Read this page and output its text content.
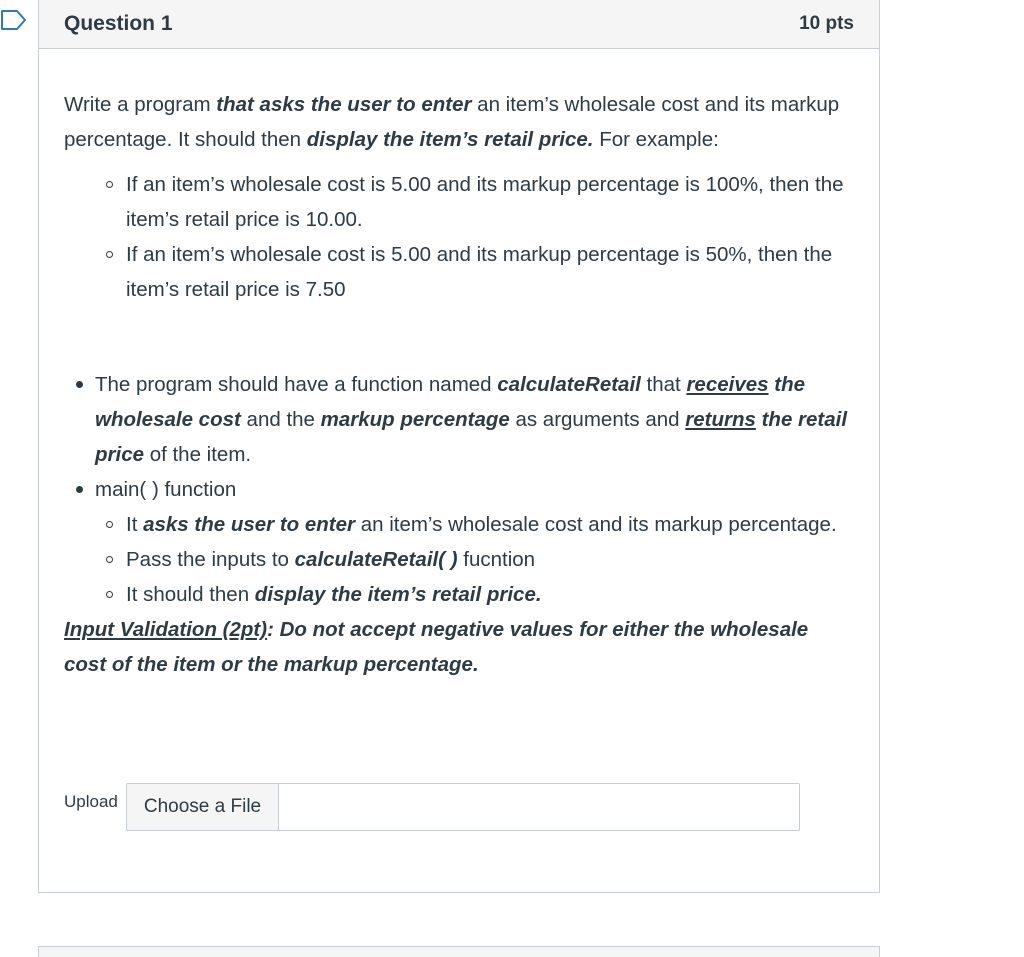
Question 1	10 pts

Write a program that asks the user to enter an item’s wholesale cost and its markup percentage. It should then display the item’s retail price. For example:

If an item’s wholesale cost is 5.00 and its markup percentage is 100%, then the item’s retail price is 10.00.
If an item’s wholesale cost is 5.00 and its markup percentage is 50%, then the item’s retail price is 7.50
The program should have a function named calculateRetail that receives the wholesale cost and the markup percentage as arguments and returns the retail price of the item.
main( ) function
It asks the user to enter an item’s wholesale cost and its markup percentage.
Pass the inputs to calculateRetail( ) fucntion
It should then display the item’s retail price.

Input Validation (2pt): Do not accept negative values for either the wholesale cost of the item or the markup percentage.

Upload	Choose a File
